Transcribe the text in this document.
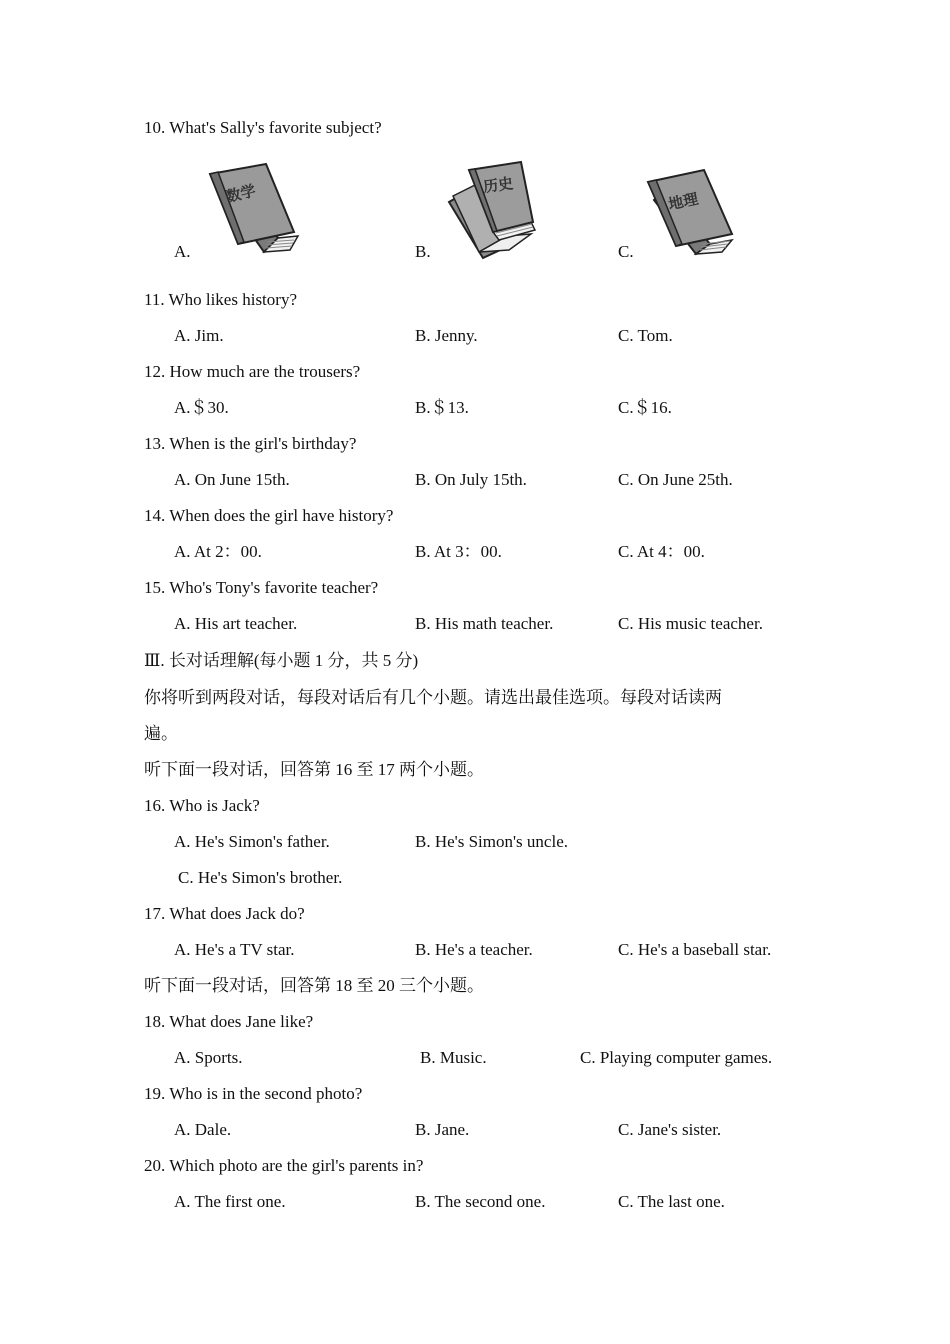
10. What's Sally's favorite subject?
A.
数学
B.
历史
C.
地理
11. Who likes history?
A. Jim.	B. Jenny.	C. Tom.
12. How much are the trousers?
A.＄30.	B.＄13.	C.＄16.
13. When is the girl's birthday?
A. On June 15th.	B. On July 15th.	C. On June 25th.
14. When does the girl have history?
A. At 2：00.	B. At 3：00.	C. At 4：00.
15. Who's Tony's favorite teacher?
A. His art teacher.	B. His math teacher.	C. His music teacher.
Ⅲ. 长对话理解(每小题 1 分，共 5 分)
你将听到两段对话，每段对话后有几个小题。请选出最佳选项。每段对话读两
遍。
听下面一段对话，回答第 16 至 17 两个小题。
16. Who is Jack?
A. He's Simon's father.	B. He's Simon's uncle.
C. He's Simon's brother.
17. What does Jack do?
A. He's a TV star.	B. He's a teacher.	C. He's a baseball star.
听下面一段对话，回答第 18 至 20 三个小题。
18. What does Jane like?
A. Sports.	B. Music.	C. Playing computer games.
19. Who is in the second photo?
A. Dale.	B. Jane.	C. Jane's sister.
20. Which photo are the girl's parents in?
A. The first one.	B. The second one.	C. The last one.
